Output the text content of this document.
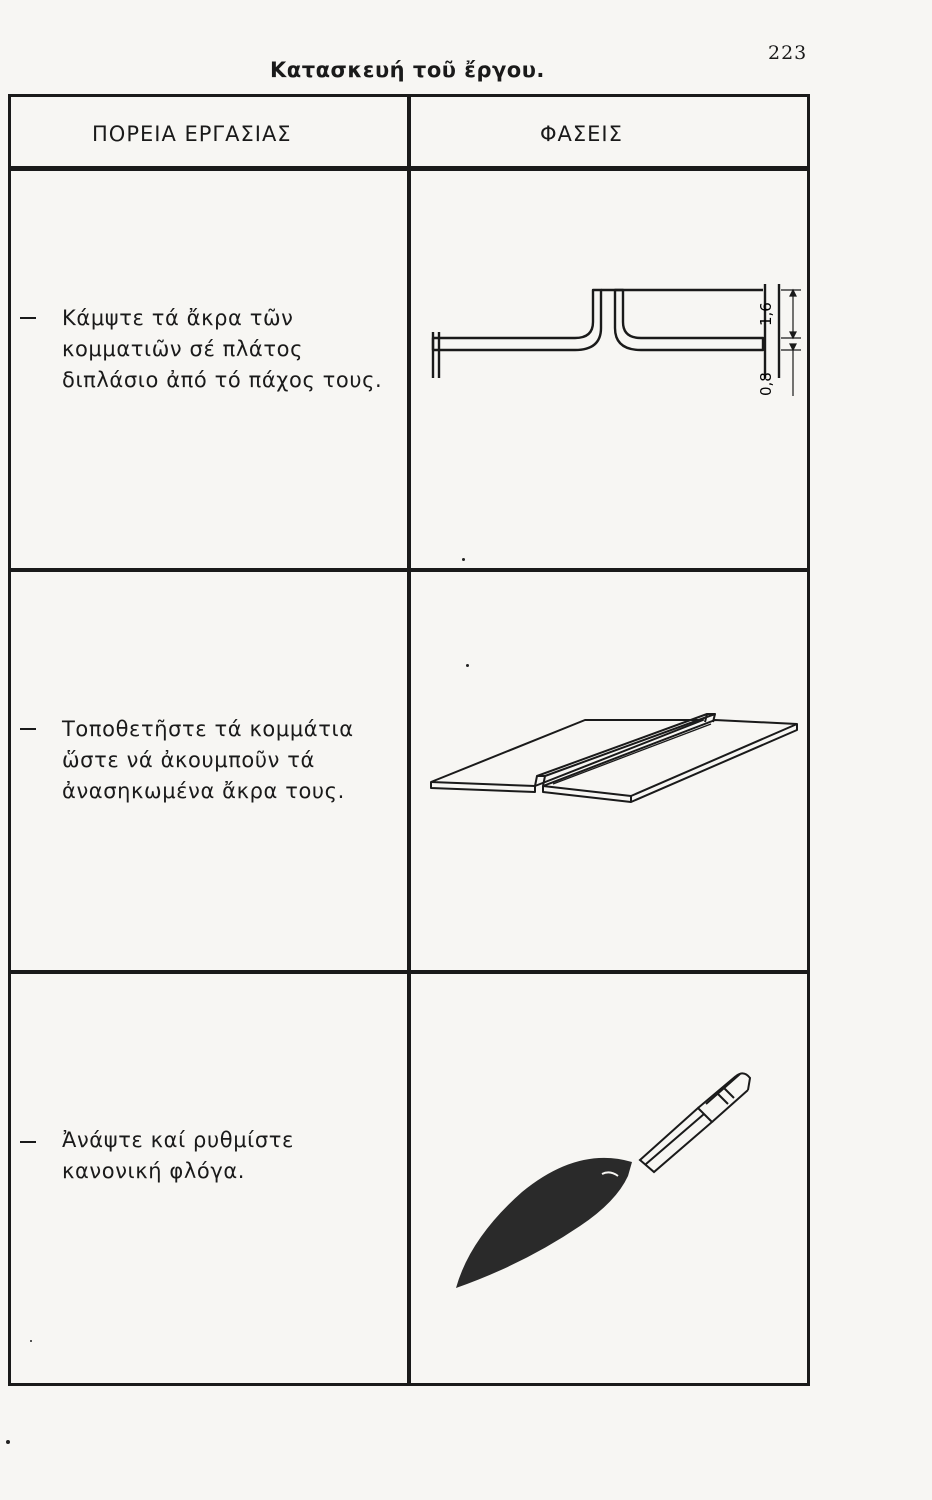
223
Κατασκευή τοῦ ἔργου.
ΠΟΡΕΙΑ ΕΡΓΑΣΙΑΣ	ΦΑΣΕΙΣ
Κάμψτε τά ἄκρα τῶν κομματιῶν σέ πλάτος διπλάσιο ἀπό τό πάχος τους.
1,6
0,8
Τοποθετῆστε τά κομμάτια ὥστε νά ἀκουμποῦν τά ἀνασηκωμένα ἄκρα τους.
Ἀνάψτε καί ρυθμίστε κανονική φλόγα.
